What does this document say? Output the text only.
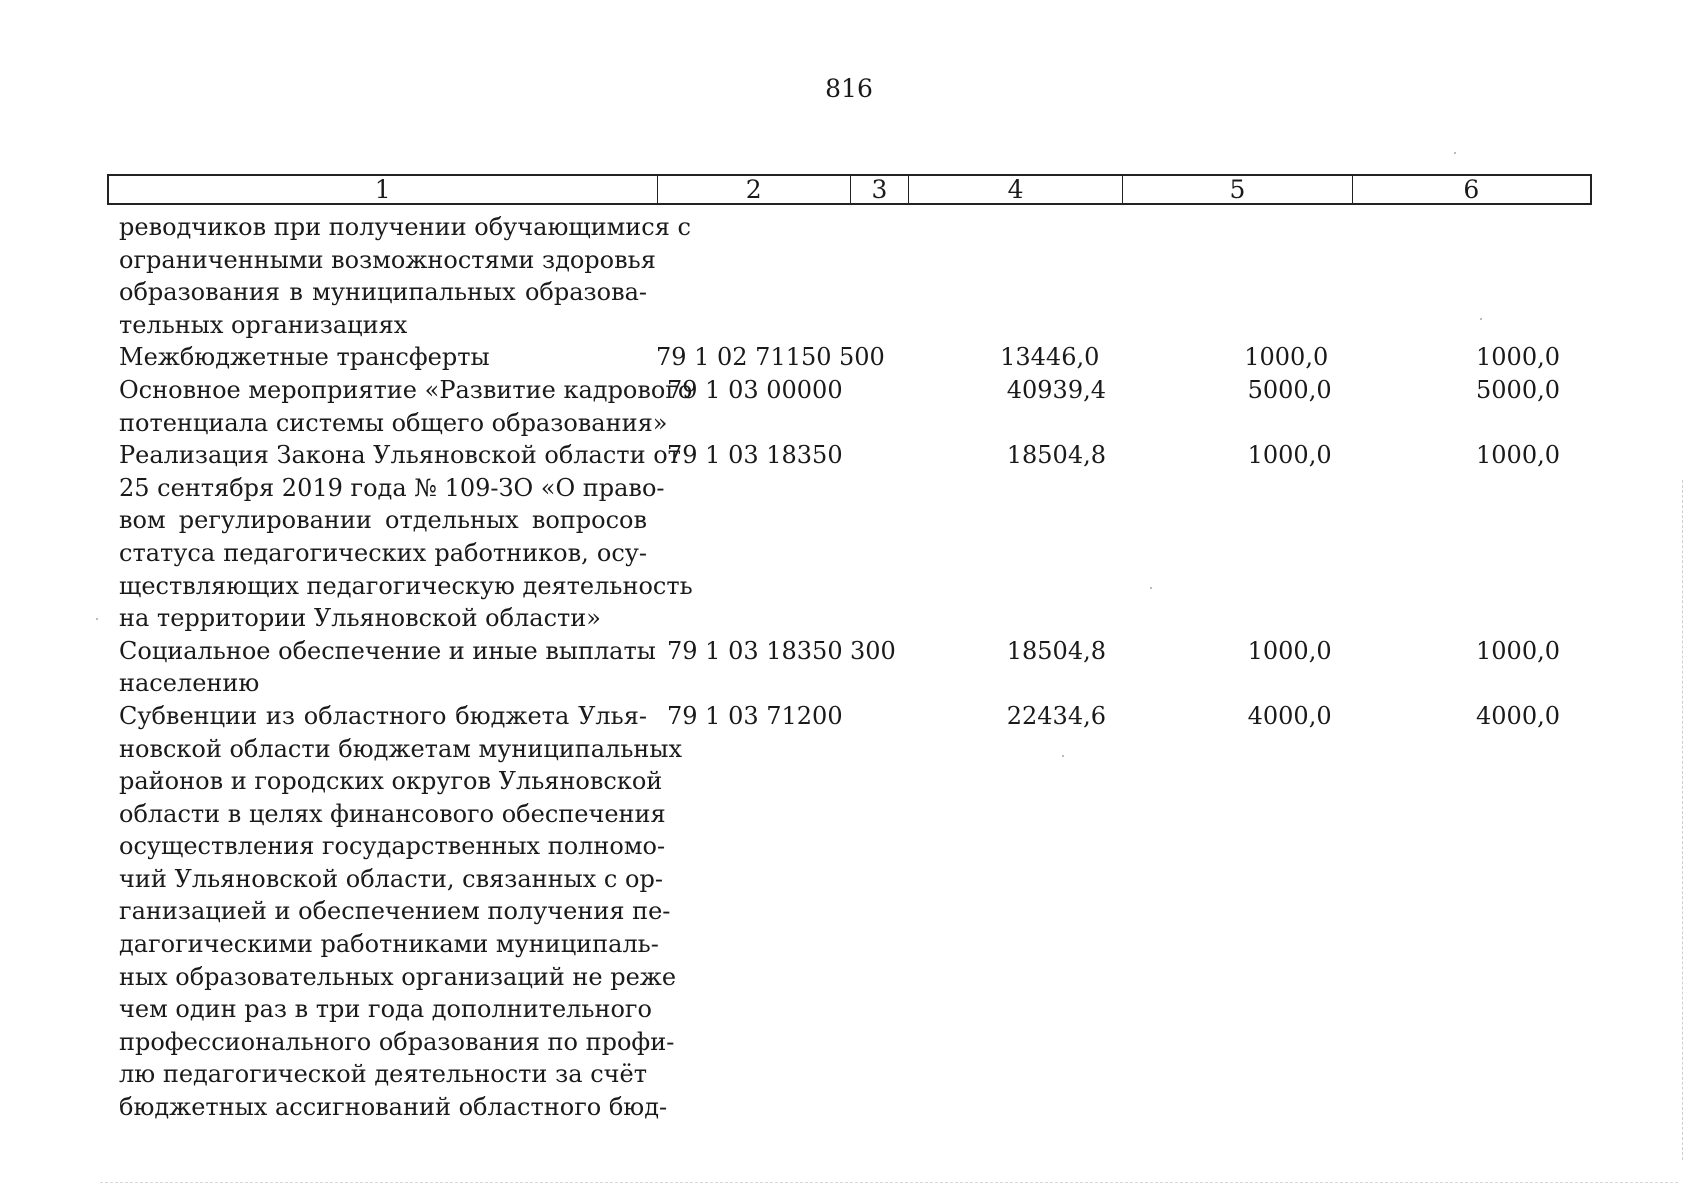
816
1	2	3	4	5	6
реводчиков при получении обучающимися с
ограниченными возможностями здоровья
образования в муниципальных образова-
тельных организациях
Межбюджетные трансферты	79 1 02 71150 500	13446,0	1000,0	1000,0
Основное мероприятие «Развитие кадрового
потенциала системы общего образования»
79 1 03 00000	40939,4	5000,0	5000,0
Реализация Закона Ульяновской области от
25 сентября 2019 года № 109-ЗО «О право-
вом регулировании отдельных вопросов
статуса педагогических работников, осу-
ществляющих педагогическую деятельность
на территории Ульяновской области»
79 1 03 18350	18504,8	1000,0	1000,0
Социальное обеспечение и иные выплаты
населению
79 1 03 18350 300	18504,8	1000,0	1000,0
Субвенции из областного бюджета Улья-
новской области бюджетам муниципальных
районов и городских округов Ульяновской
области в целях финансового обеспечения
осуществления государственных полномо-
чий Ульяновской области, связанных с ор-
ганизацией и обеспечением получения пе-
дагогическими работниками муниципаль-
ных образовательных организаций не реже
чем один раз в три года дополнительного
профессионального образования по профи-
лю педагогической деятельности за счёт
бюджетных ассигнований областного бюд-
79 1 03 71200	22434,6	4000,0	4000,0
